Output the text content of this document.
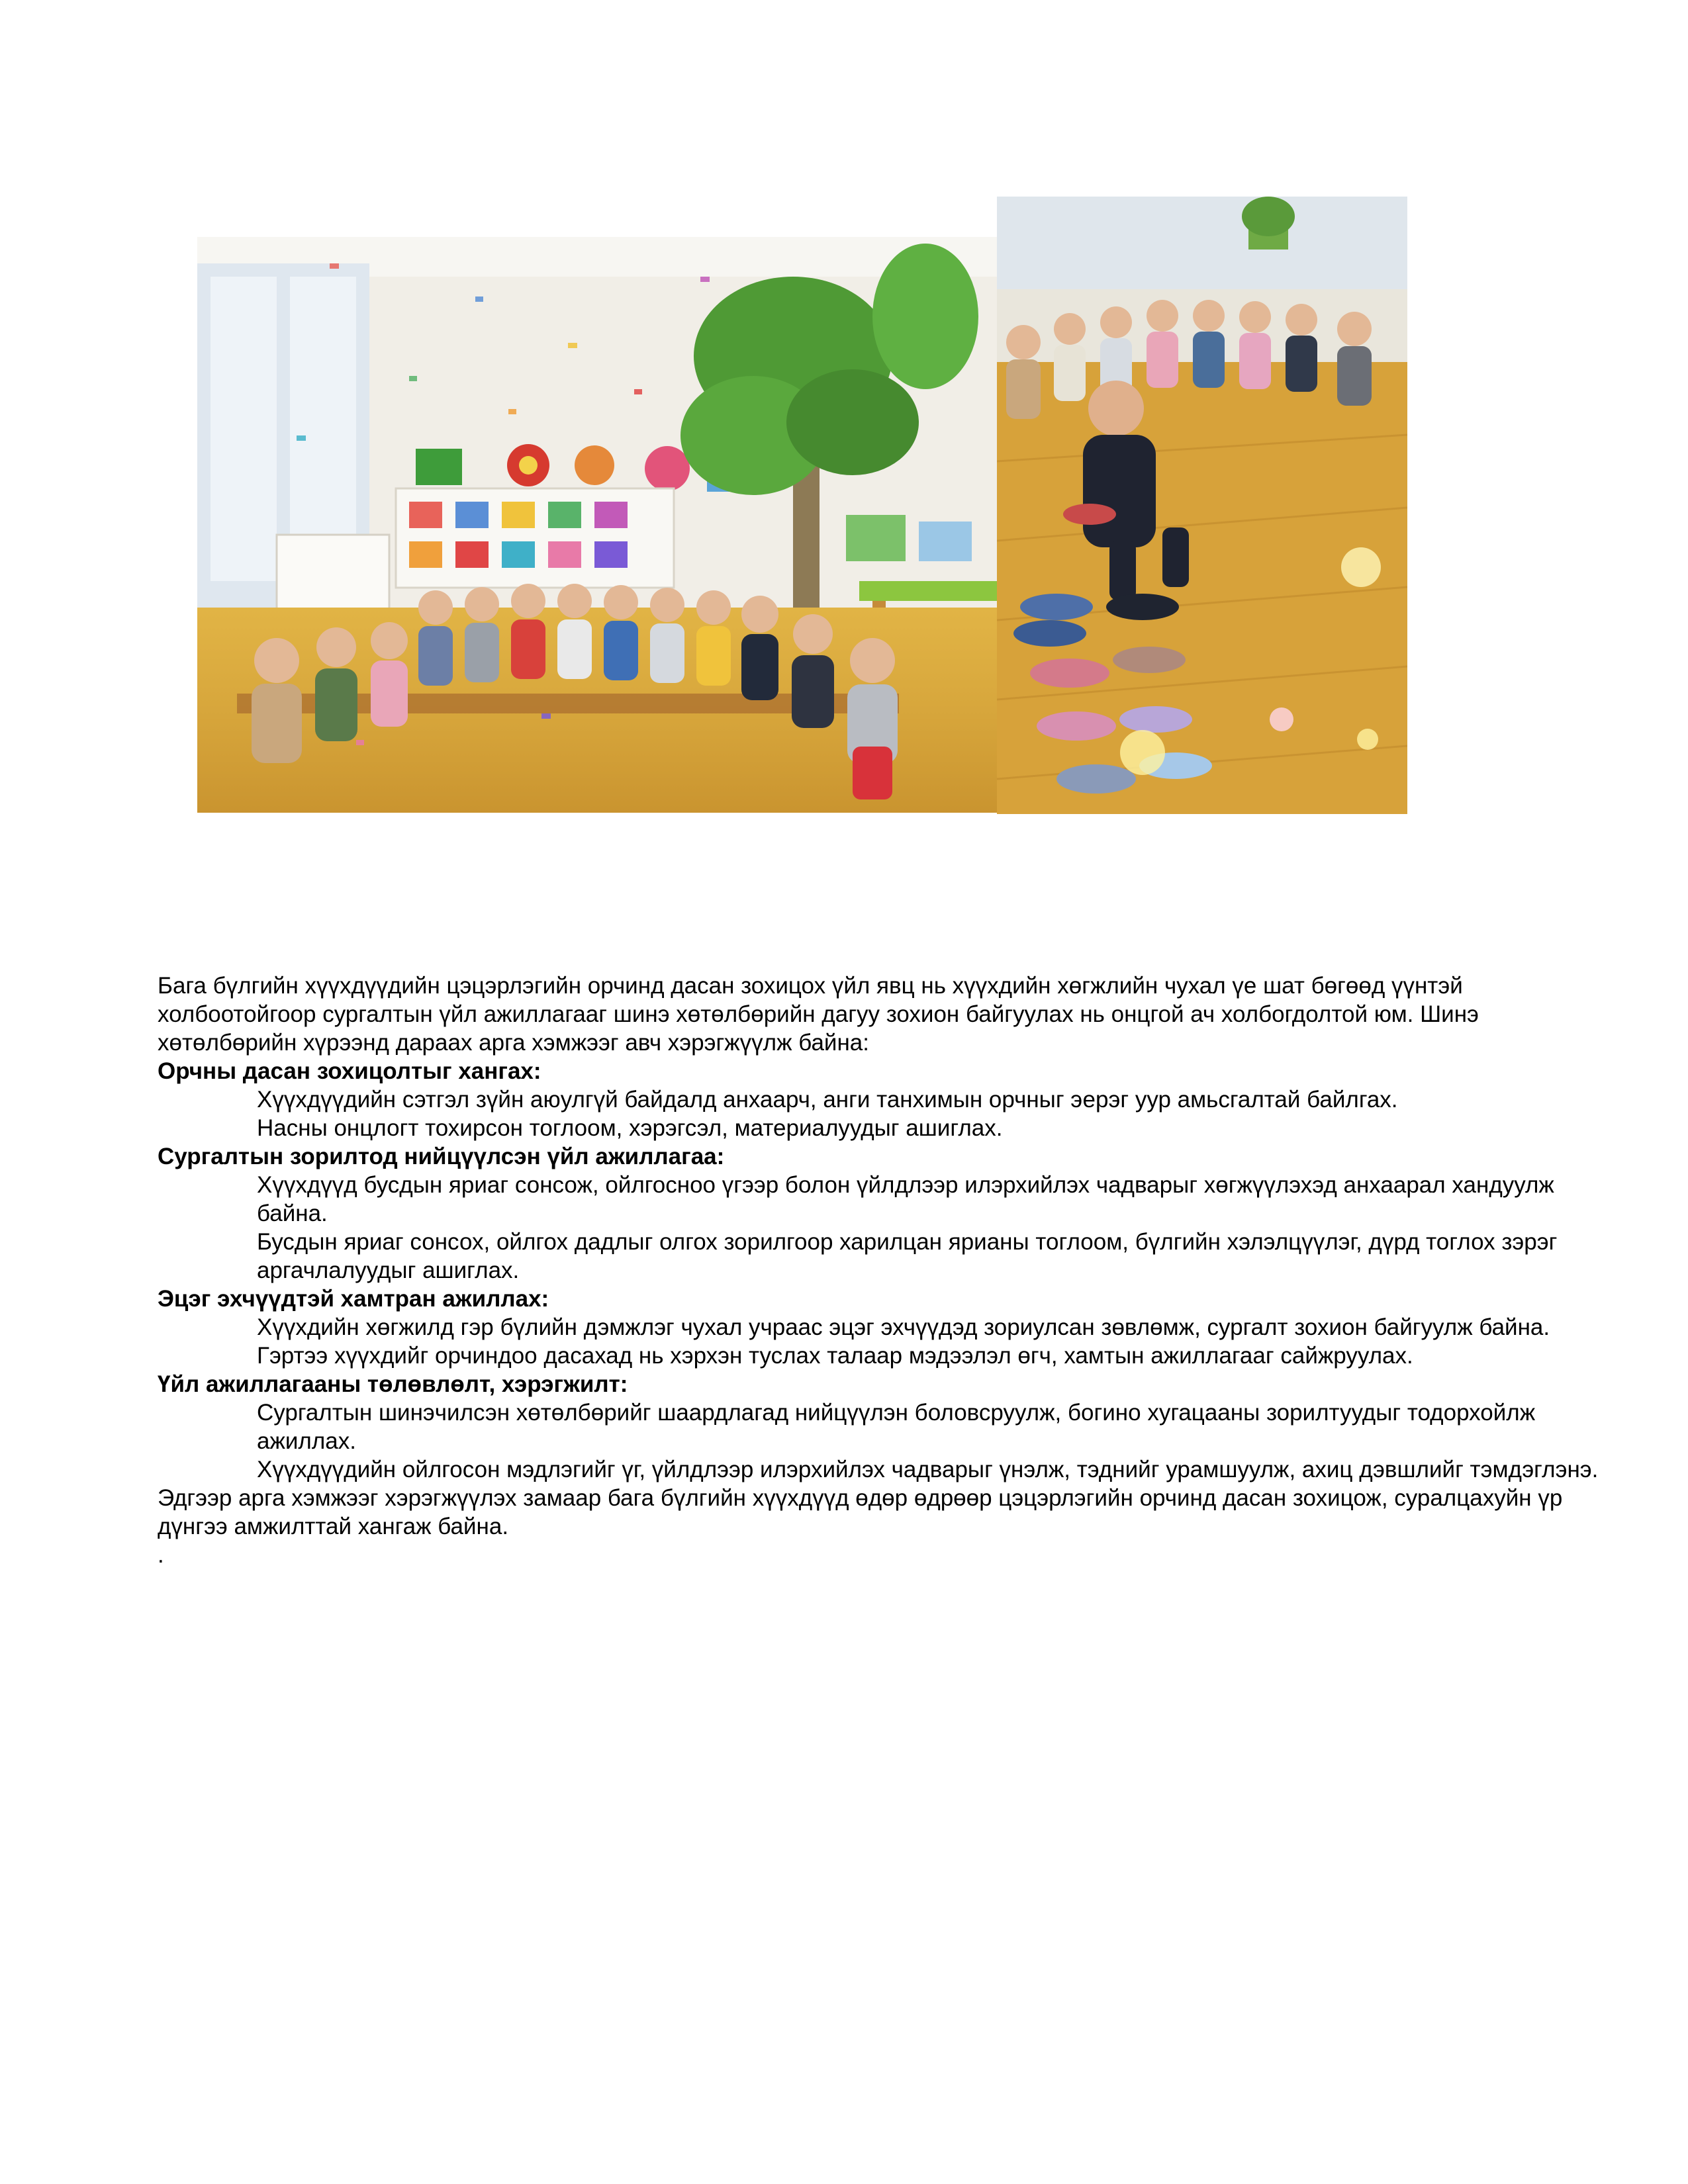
Бага бүлгийн хүүхдүүдийн цэцэрлэгийн орчинд дасан зохицох үйл явц нь хүүхдийн хөгжлийн чухал үе шат бөгөөд үүнтэй холбоотойгоор сургалтын үйл ажиллагааг шинэ хөтөлбөрийн дагуу зохион байгуулах нь онцгой ач холбогдолтой юм. Шинэ хөтөлбөрийн хүрээнд дараах арга хэмжээг авч хэрэгжүүлж байна:

Орчны дасан зохицолтыг хангах:

Хүүхдүүдийн сэтгэл зүйн аюулгүй байдалд анхаарч, анги танхимын орчныг эерэг уур амьсгалтай байлгах.

Насны онцлогт тохирсон тоглоом, хэрэгсэл, материалуудыг ашиглах.

Сургалтын зорилтод нийцүүлсэн үйл ажиллагаа:

Хүүхдүүд бусдын яриаг сонсож, ойлгосноо үгээр болон үйлдлээр илэрхийлэх чадварыг хөгжүүлэхэд анхаарал хандуулж байна.

Бусдын яриаг сонсох, ойлгох дадлыг олгох зорилгоор харилцан ярианы тоглоом, бүлгийн хэлэлцүүлэг, дүрд тоглох зэрэг аргачлалуудыг ашиглах.

Эцэг эхчүүдтэй хамтран ажиллах:

Хүүхдийн хөгжилд гэр бүлийн дэмжлэг чухал учраас эцэг эхчүүдэд зориулсан зөвлөмж, сургалт зохион байгуулж байна.

Гэртээ хүүхдийг орчиндоо дасахад нь хэрхэн туслах талаар мэдээлэл өгч, хамтын ажиллагааг сайжруулах.

Үйл ажиллагааны төлөвлөлт, хэрэгжилт:

Сургалтын шинэчилсэн хөтөлбөрийг шаардлагад нийцүүлэн боловсруулж, богино хугацааны зорилтуудыг тодорхойлж ажиллах.

Хүүхдүүдийн ойлгосон мэдлэгийг үг, үйлдлээр илэрхийлэх чадварыг үнэлж, тэднийг урамшуулж, ахиц дэвшлийг тэмдэглэнэ.

Эдгээр арга хэмжээг хэрэгжүүлэх замаар бага бүлгийн хүүхдүүд өдөр өдрөөр цэцэрлэгийн орчинд дасан зохицож, суралцахуйн үр дүнгээ амжилттай хангаж байна.

.
